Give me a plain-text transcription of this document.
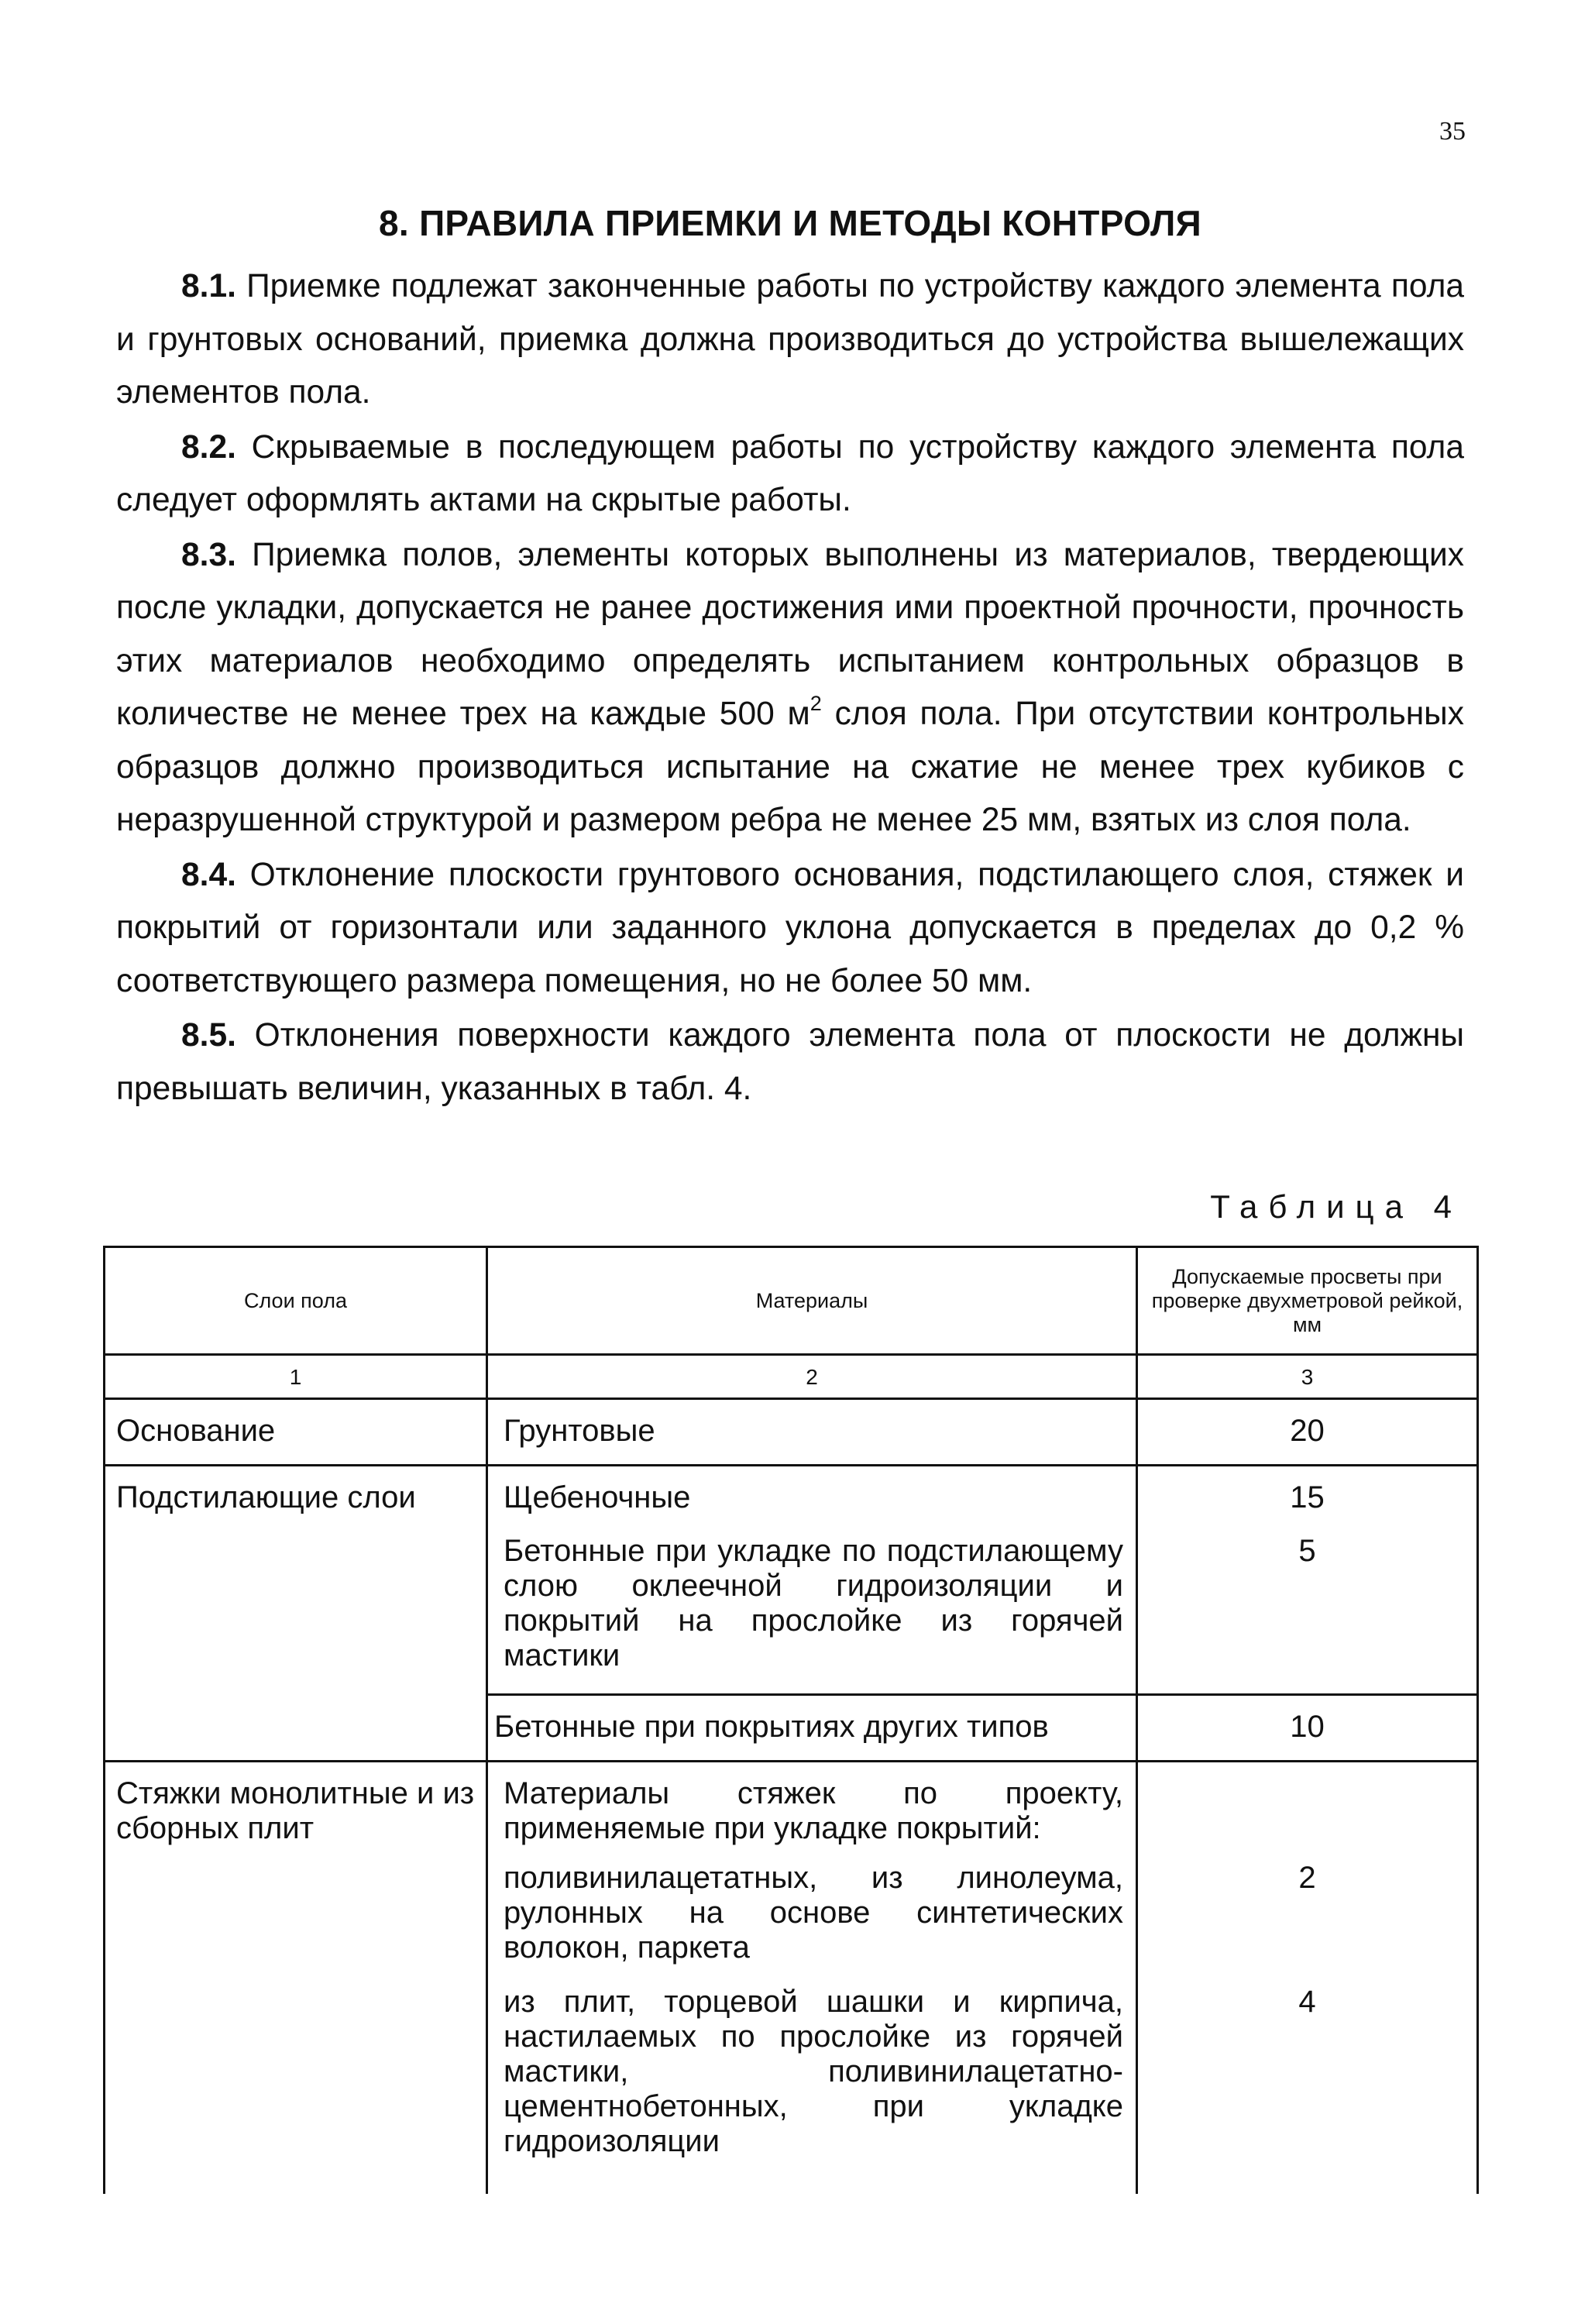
35
8. ПРАВИЛА ПРИЕМКИ И МЕТОДЫ КОНТРОЛЯ

8.1. Приемке подлежат законченные работы по устройству каждого элемента пола и грунтовых оснований, приемка должна производиться до устройства вышележащих элементов пола.

8.2. Скрываемые в последующем работы по устройству каждого элемента пола следует оформлять актами на скрытые работы.

8.3. Приемка полов, элементы которых выполнены из материалов, твердеющих после укладки, допускается не ранее достижения ими проектной прочности, прочность этих материалов необходимо определять испытанием контрольных образцов в количестве не менее трех на каждые 500 $м^2$ слоя пола. При отсутствии контрольных образцов должно производиться испытание на сжатие не менее трех кубиков с неразрушенной структурой и размером ребра не менее 25 мм, взятых из слоя пола.

8.4. Отклонение плоскости грунтового основания, подстилающего слоя, стяжек и покрытий от горизонтали или заданного уклона допускается в пределах до 0,2 % соответствующего размера помещения, но не более 50 мм.

8.5. Отклонения поверхности каждого элемента пола от плоскости не должны превышать величин, указанных в табл. 4.

Таблица 4
Слои пола	Материалы	Допускаемые просветы при проверке двухметровой рейкой, мм
1	2	3

Основание	Грунтовые	20

Подстилающие слои	Щебеночные	15

	Бетонные при укладке по подстилающему слою оклеечной гидроизоляции и покрытий на прослойке из горячей мастики	5

	Бетонные при покрытиях других типов	10

Стяжки монолитные и из сборных плит	Материалы стяжек по проекту, применяемые при укладке покрытий:	

	поливинилацетатных, из линолеума, рулонных на основе синтетических волокон, паркета	2

	из плит, торцевой шашки и кирпича, настилаемых по прослойке из горячей мастики, поливинилацетатно-цементнобетонных, при укладке гидроизоляции	4
